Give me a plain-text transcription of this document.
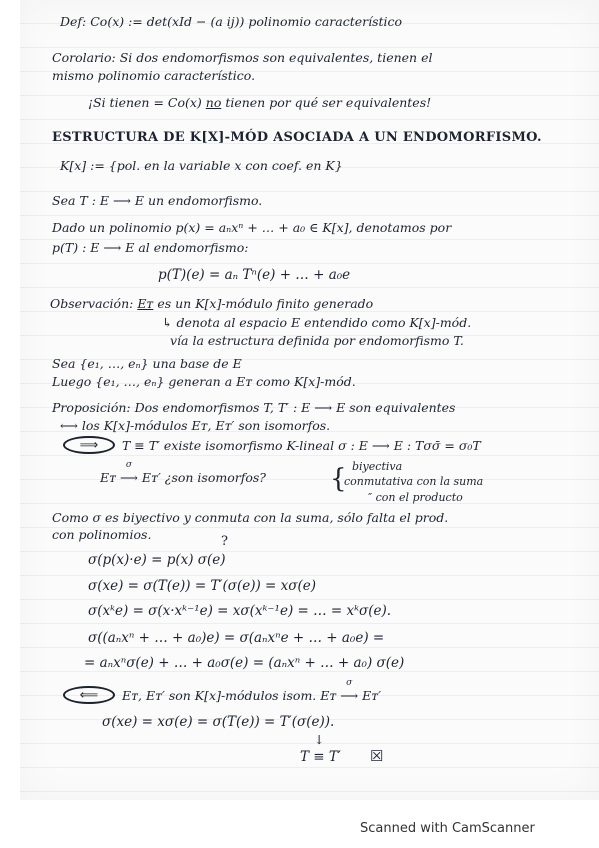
Def: Co(x) := det(xId − (a ij)) polinomio característico
Corolario: Si dos endomorfismos son equivalentes, tienen el
mismo polinomio característico.
¡Si tienen = Co(x) no tienen por qué ser equivalentes!
ESTRUCTURA DE K[X]-MÓD ASOCIADA A UN ENDOMORFISMO.
K[x] := {pol. en la variable x con coef. en K}
Sea T : E ⟶ E un endomorfismo.
Dado un polinomio p(x) = aₙxⁿ + … + a₀ ∈ K[x], denotamos por
p(T) : E ⟶ E al endomorfismo:
p(T)(e) = aₙ Tⁿ(e) + … + a₀e
Observación: Eᴛ es un K[x]-módulo finito generado
↳ denota al espacio E entendido como K[x]-mód.
vía la estructura definida por endomorfismo T.
Sea {e₁, …, eₙ} una base de E
Luego {e₁, …, eₙ} generan a Eᴛ como K[x]-mód.
Proposición: Dos endomorfismos T, T′ : E ⟶ E son equivalentes
⟷ los K[x]-módulos Eᴛ, Eᴛ′ son isomorfos.
⟹	T ≡ T′ existe isomorfismo K-lineal σ : E ⟶ E : Tσσ̄ = σ₀T
Eᴛ
σ
⟶ Eᴛ′ ¿son isomorfos? { biyectiva
conmutativa con la suma
″ con el producto
Como σ es biyectivo y conmuta con la suma, sólo falta el prod.
con polinomios.	?
σ(p(x)·e) = p(x) σ(e)
σ(xe) = σ(T(e)) = T′(σ(e)) = xσ(e)
σ(xᵏe) = σ(x·xᵏ⁻¹e) = xσ(xᵏ⁻¹e) = … = xᵏσ(e).
σ((aₙxⁿ + … + a₀)e) = σ(aₙxⁿe + … + a₀e) =
= aₙxⁿσ(e) + … + a₀σ(e) = (aₙxⁿ + … + a₀) σ(e)
⟸	Eᴛ, Eᴛ′ son K[x]-módulos isom. Eᴛ
σ
⟶ Eᴛ′
σ(xe) = xσ(e) = σ(T(e)) = T′(σ(e)).
↓
T ≡ T′ ☒
Scanned with CamScanner
